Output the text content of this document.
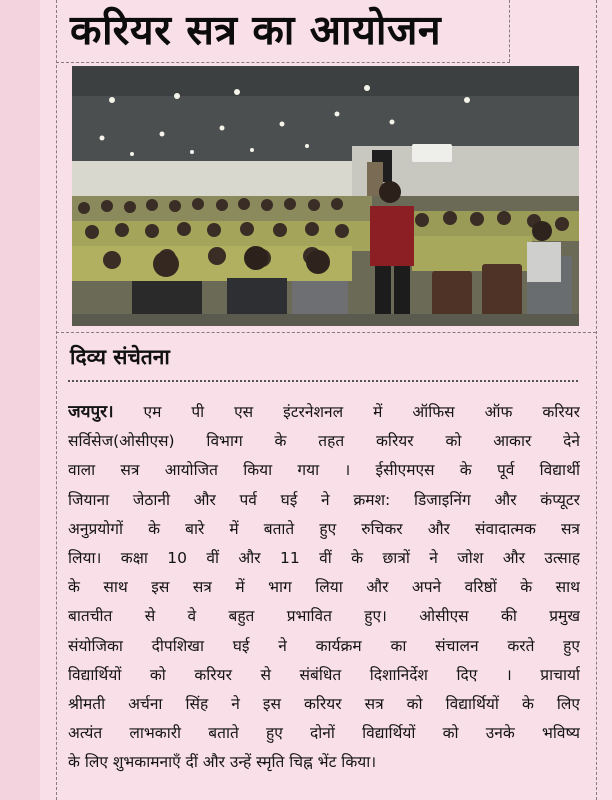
करियर सत्र का आयोजन
दिव्य संचेतना

जयपुर। एम पी एस इंटरनेशनल में ऑफिस ऑफ करियर

सर्विसेज(ओसीएस) विभाग के तहत करियर को आकार देने

वाला सत्र आयोजित किया गया । ईसीएमएस के पूर्व विद्यार्थी

जियाना जेठानी और पर्व घई ने क्रमश: डिजाइनिंग और कंप्यूटर

अनुप्रयोगों के बारे में बताते हुए रुचिकर और संवादात्मक सत्र

लिया। कक्षा 10 वीं और 11 वीं के छात्रों ने जोश और उत्साह

के साथ इस सत्र में भाग लिया और अपने वरिष्ठों के साथ

बातचीत से वे बहुत प्रभावित हुए। ओसीएस की प्रमुख

संयोजिका दीपशिखा घई ने कार्यक्रम का संचालन करते हुए

विद्यार्थियों को करियर से संबंधित दिशानिर्देश दिए । प्राचार्या

श्रीमती अर्चना सिंह ने इस करियर सत्र को विद्यार्थियों के लिए

अत्यंत लाभकारी बताते हुए दोनों विद्यार्थियों को उनके भविष्य

के लिए शुभकामनाएँ दीं और उन्हें स्मृति चिह्न भेंट किया।
